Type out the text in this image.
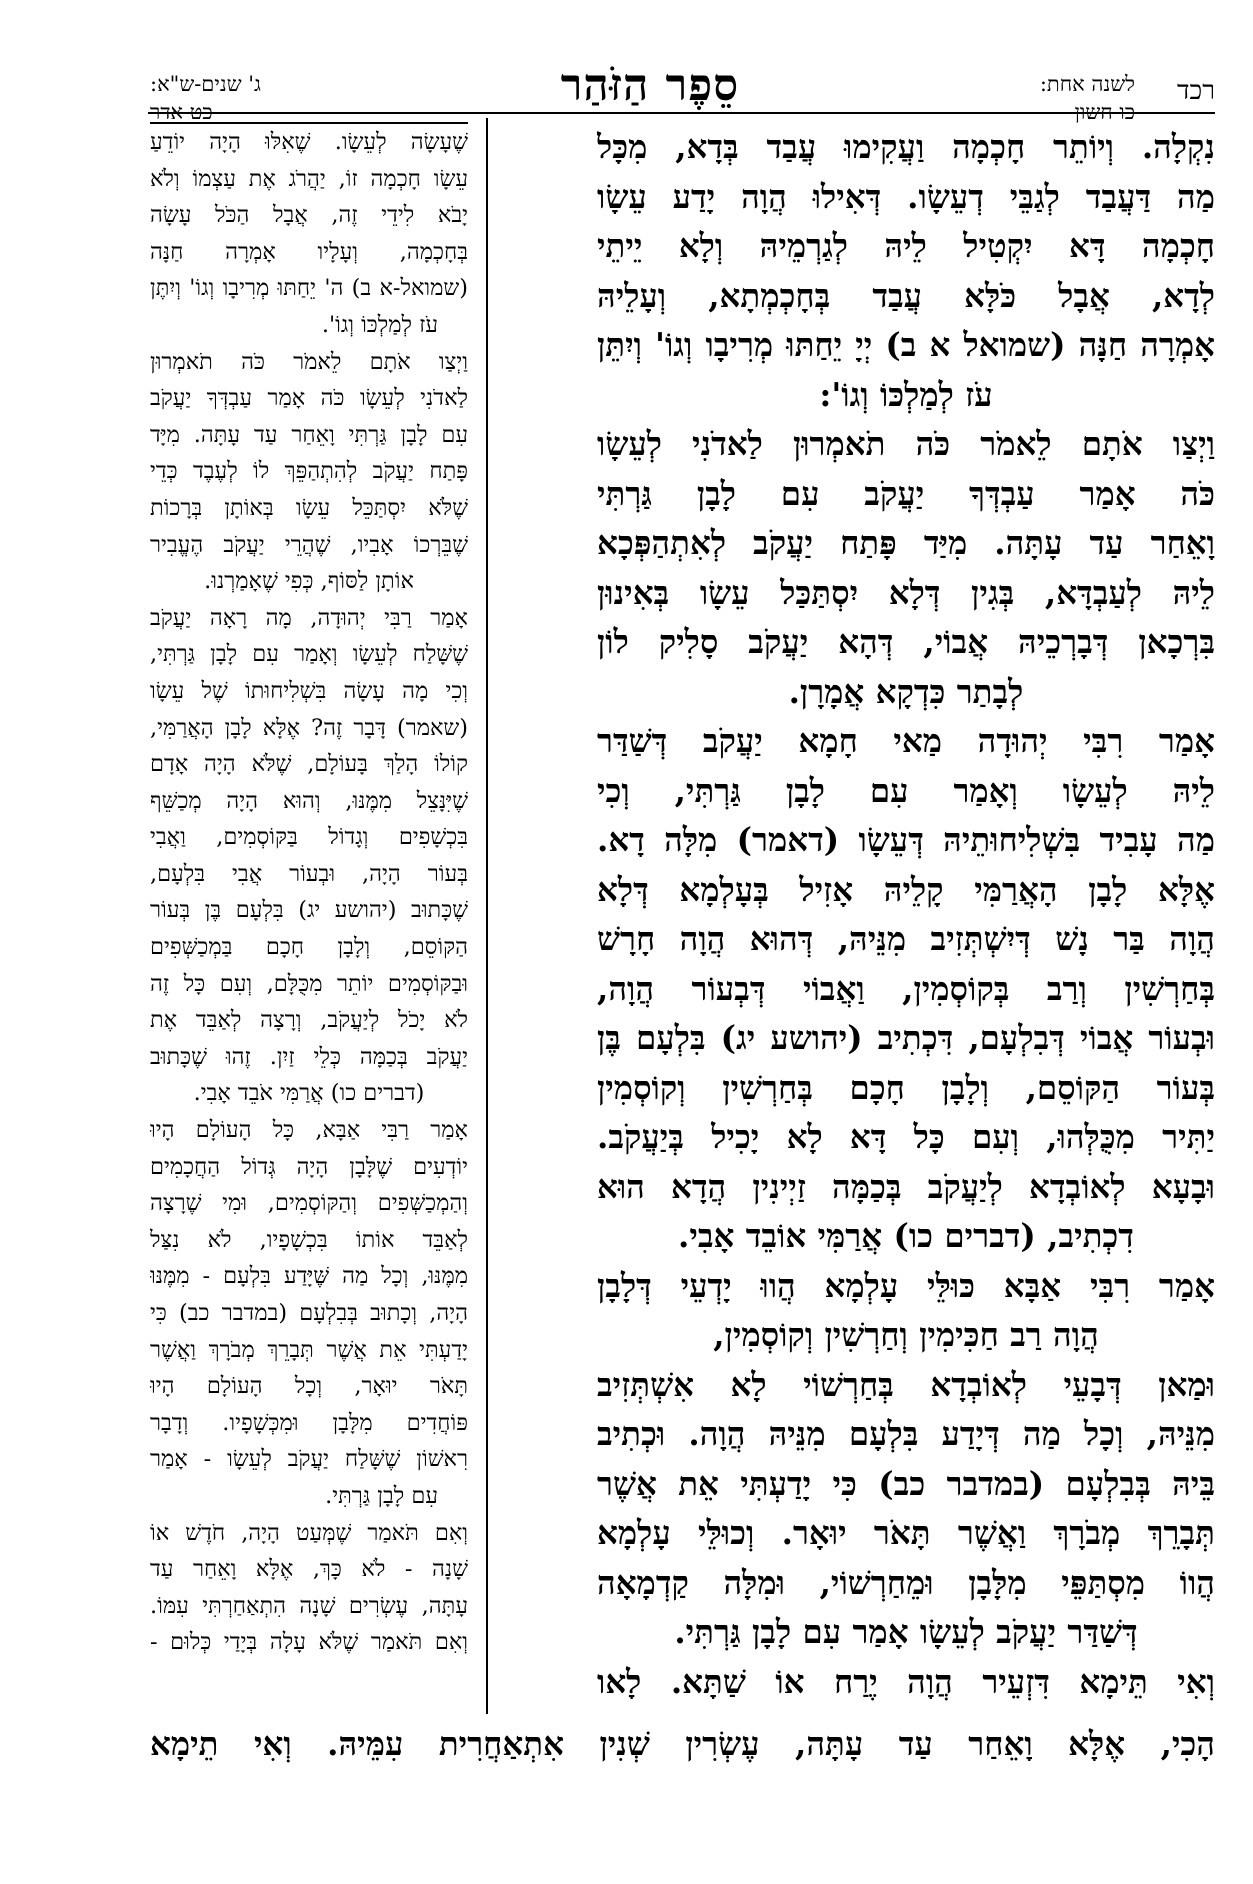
רכד
לשנה אחת:
כו חשון
סֵפֶר הַזֹּהַר
ג' שנים-ש"א:
כט אדר
נִקְלָה. וְיוֹתֵר חָכְמָה וַעֲקִימוּ עֲבַד בְּדָא, מִכָּל
מַה דַּעֲבַד לְגַבֵּי דְעֵשָׂו. דְּאִילוּ הֲוָה יָדַע עֵשָׂו
חָכְמָה דָּא יִקְטִיל לֵיהּ לְגַרְמֵיהּ וְלָא יֵיתֵי
לְדָא, אֲבָל כֹּלָּא עֲבַד בְּחָכְמְתָא, וְעָלֵיהּ
אָמְרָה חַנָּה (שמואל א ב) יְיָ יֵחַתּוּ מְרִיבָו וְגוֹ' וְיִתֵּן
עֹז לְמַלְכּוֹ וְגוֹ':
וַיְצַו אֹתָם לֵאמֹר כֹּה תֹאמְרוּן לַאדֹנִי לְעֵשָׂו
כֹּה אָמַר עַבְדְּךָ יַעֲקֹב עִם לָבָן גַּרְתִּי
וָאֵחַר עַד עָתָּה. מִיַּד פָּתַח יַעֲקֹב לְאִתְהַפְּכָא
לֵיהּ לְעַבְדָּא, בְּגִין דְּלָא יִסְתַּכַּל עֵשָׂו בְּאִינוּן
בִּרְכָאן דְּבָרְכֵיהּ אֲבוֹי, דְּהָא יַעֲקֹב סָלִיק לוֹן
לְבָתַר כִּדְקָא אֲמָרָן.
אָמַר רִבִּי יְהוּדָה מַאי חָמָא יַעֲקֹב דְּשַׁדַּר
לֵיהּ לְעֵשָׂו וְאָמַר עִם לָבָן גַּרְתִּי, וְכִי
מַה עָבִיד בִּשְׁלִיחוּתֵיהּ דְּעֵשָׂו (דאמר) מִלָּה דָא.
אֶלָּא לָבָן הָאֲרַמִּי קָלֵיהּ אָזִיל בְּעָלְמָא דְּלָא
הֲוָה בַּר נָשׁ דְּיִשְׁתְּזִיב מִנֵּיהּ, דְּהוּא הֲוָה חָרָשׁ
בְּחַרְשִׁין וְרַב בְּקוֹסְמִין, וַאֲבוֹי דְּבְעוֹר הֲוָה,
וּבְעוֹר אֲבוֹי דְּבִלְעָם, דִּכְתִיב (יהושע יג) בִּלְעָם בֶּן
בְּעוֹר הַקּוֹסֵם, וְלָבָן חָכָם בְּחַרְשִׁין וְקוֹסְמִין
יַתִּיר מִכֻּלְּהוּ, וְעִם כָּל דָּא לָא יָכִיל בְּיַעֲקֹב.
וּבָעָא לְאוֹבְדָא לְיַעֲקֹב בְּכַמָּה זַיְינִין הֲדָא הוּא
דִכְתִיב, (דברים כו) אֲרַמִּי אוֹבֵד אָבִי.
אָמַר רִבִּי אַבָּא כּוּלֵּי עָלְמָא הֲווּ יָדְעֵי דְּלָבָן
הֲוָה רַב חַכִּימִין וְחַרְשִׁין וְקוֹסְמִין,
וּמַאן דְּבָעֵי לְאוֹבְדָא בְּחַרְשׁוֹי לָא אִשְׁתְּזִיב
מִנֵּיהּ, וְכָל מַה דְּיָדַע בִּלְעָם מִנֵּיהּ הֲוָה. וּכְתִיב
בֵּיהּ בְּבִלְעָם (במדבר כב) כִּי יָדַעְתִּי אֵת אֲשֶׁר
תְּבָרֵךְ מְבֹרָךְ וַאֲשֶׁר תָּאֹר יוּאָר. וְכוּלֵּי עָלְמָא
הֲווֹ מִסְתַּפֵּי מִלָּבָן וּמֵחַרְשׁוֹי, וּמִלָּה קַדְמָאָה
דְּשַׁדַּר יַעֲקֹב לְעֵשָׂו אָמַר עִם לָבָן גַּרְתִּי.
וְאִי תֵּימָא דִּזְעֵיר הֲוָה יֶרַח אוֹ שַׁתָּא. לָאו
שֶׁעָשָׂה לְעֵשָׂו. שֶׁאִלּוּ הָיָה יוֹדֵעַ
עֵשָׂו חָכְמָה זוֹ, יַהֲרֹג אֶת עַצְמוֹ וְלֹא
יָבֹא לִידֵי זֶה, אֲבָל הַכֹּל עָשָׂה
בְּחָכְמָה, וְעָלָיו אָמְרָה חַנָּה
(שמואל-א ב) ה' יֵחַתּוּ מְרִיבָו וְגוֹ' וְיִתֶּן
עֹז לְמַלְכּוֹ וְגוֹ'.
וַיְצַו אֹתָם לֵאמֹר כֹּה תֹאמְרוּן
לַאדֹנִי לְעֵשָׂו כֹּה אָמַר עַבְדְּךָ יַעֲקֹב
עִם לָבָן גַּרְתִּי וָאֵחַר עַד עָתָּה. מִיָּד
פָּתַח יַעֲקֹב לְהִתְהַפֵּךְ לוֹ לְעֶבֶד כְּדֵי
שֶׁלֹּא יִסְתַּכֵּל עֵשָׂו בְּאוֹתָן בְּרָכוֹת
שֶׁבֵּרְכוֹ אָבִיו, שֶׁהֲרֵי יַעֲקֹב הֶעֱבִיר
אוֹתָן לַסּוֹף, כְּפִי שֶׁאָמַרְנוּ.
אָמַר רַבִּי יְהוּדָה, מָה רָאָה יַעֲקֹב
שֶׁשָּׁלַח לְעֵשָׂו וְאָמַר עִם לָבָן גַּרְתִּי,
וְכִי מָה עָשָׂה בִּשְׁלִיחוּתוֹ שֶׁל עֵשָׂו
(שאמר) דָּבָר זֶה? אֶלָּא לָבָן הָאֲרַמִּי,
קוֹלוֹ הָלַךְ בָּעוֹלָם, שֶׁלֹּא הָיָה אָדָם
שֶׁיִּנָּצֵל מִמֶּנּוּ, וְהוּא הָיָה מְכַשֵּׁף
בִּכְשָׁפִים וְגָדוֹל בַּקּוֹסְמִים, וַאֲבִי
בְּעוֹר הָיָה, וּבְעוֹר אֲבִי בִּלְעָם,
שֶׁכָּתוּב (יהושע יג) בִּלְעָם בֶּן בְּעוֹר
הַקּוֹסֵם, וְלָבָן חָכָם בַּמְכַשְּׁפִים
וּבַקּוֹסְמִים יוֹתֵר מִכֻּלָּם, וְעִם כָּל זֶה
לֹא יָכֹל לְיַעֲקֹב, וְרָצָה לְאַבֵּד אֶת
יַעֲקֹב בְּכַמָּה כְּלֵי זַיִן. זֶהוּ שֶׁכָּתוּב
(דברים כו) אֲרַמִּי אֹבֵד אָבִי.
אָמַר רַבִּי אַבָּא, כָּל הָעוֹלָם הָיוּ
יוֹדְעִים שֶׁלָּבָן הָיָה גְּדוֹל הַחֲכָמִים
וְהַמְכַשְּׁפִים וְהַקּוֹסְמִים, וּמִי שֶׁרָצָה
לְאַבֵּד אוֹתוֹ בִּכְשָׁפָיו, לֹא נִצַּל
מִמֶּנּוּ, וְכָל מַה שֶּׁיָּדַע בִּלְעָם - מִמֶּנּוּ
הָיָה, וְכָתוּב בְּבִלְעָם (במדבר כב) כִּי
יָדַעְתִּי אֵת אֲשֶׁר תְּבָרֵךְ מְבֹרָךְ וַאֲשֶׁר
תָּאֹר יוּאָר, וְכָל הָעוֹלָם הָיוּ
פּוֹחֲדִים מִלָּבָן וּמִכְּשָׁפָיו. וְדָבָר
רִאשׁוֹן שֶׁשָּׁלַח יַעֲקֹב לְעֵשָׂו - אָמַר
עִם לָבָן גַּרְתִּי.
וְאִם תֹּאמַר שֶׁמְּעַט הָיָה, חֹדֶשׁ אוֹ
שָׁנָה - לֹא כָּךְ, אֶלָּא וָאֵחַר עַד
עָתָּה, עֶשְׂרִים שָׁנָה הִתְאַחַרְתִּי עִמּוֹ.
וְאִם תֹּאמַר שֶׁלֹּא עָלָה בְּיָדַי כְּלוּם -
הָכִי, אֶלָּא וָאֵחַר עַד עָתָּה, עֶשְׂרִין שְׁנִין אִתְאַחֲרִית עִמֵּיהּ. וְאִי תֵימָא
